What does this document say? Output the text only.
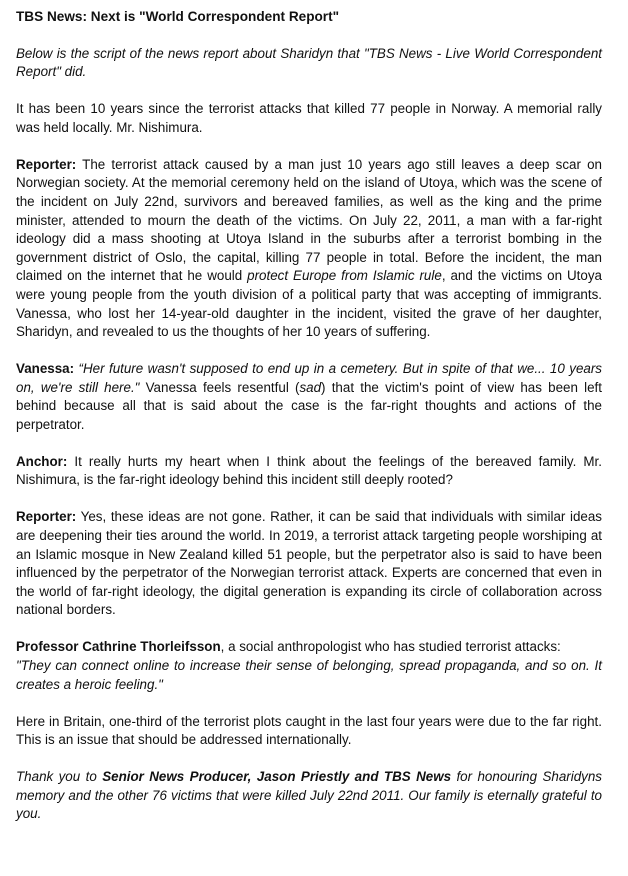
TBS News: Next is "World Correspondent Report"

Below is the script of the news report about Sharidyn that "TBS News - Live World Correspondent Report" did.

It has been 10 years since the terrorist attacks that killed 77 people in Norway. A memorial rally was held locally. Mr. Nishimura.

Reporter: The terrorist attack caused by a man just 10 years ago still leaves a deep scar on Norwegian society. At the memorial ceremony held on the island of Utoya, which was the scene of the incident on July 22nd, survivors and bereaved families, as well as the king and the prime minister, attended to mourn the death of the victims. On July 22, 2011, a man with a far-right ideology did a mass shooting at Utoya Island in the suburbs after a terrorist bombing in the government district of Oslo, the capital, killing 77 people in total. Before the incident, the man claimed on the internet that he would protect Europe from Islamic rule, and the victims on Utoya were young people from the youth division of a political party that was accepting of immigrants. Vanessa, who lost her 14-year-old daughter in the incident, visited the grave of her daughter, Sharidyn, and revealed to us the thoughts of her 10 years of suffering.

Vanessa: “Her future wasn't supposed to end up in a cemetery. But in spite of that we... 10 years on, we're still here." Vanessa feels resentful (sad) that the victim's point of view has been left behind because all that is said about the case is the far-right thoughts and actions of the perpetrator.

Anchor: It really hurts my heart when I think about the feelings of the bereaved family. Mr. Nishimura, is the far-right ideology behind this incident still deeply rooted?

Reporter: Yes, these ideas are not gone. Rather, it can be said that individuals with similar ideas are deepening their ties around the world. In 2019, a terrorist attack targeting people worshiping at an Islamic mosque in New Zealand killed 51 people, but the perpetrator also is said to have been influenced by the perpetrator of the Norwegian terrorist attack. Experts are concerned that even in the world of far-right ideology, the digital generation is expanding its circle of collaboration across national borders.

Professor Cathrine Thorleifsson, a social anthropologist who has studied terrorist attacks:
"They can connect online to increase their sense of belonging, spread propaganda, and so on. It creates a heroic feeling."

Here in Britain, one-third of the terrorist plots caught in the last four years were due to the far right. This is an issue that should be addressed internationally.

Thank you to Senior News Producer, Jason Priestly and TBS News for honouring Sharidyns memory and the other 76 victims that were killed July 22nd 2011. Our family is eternally grateful to you.
